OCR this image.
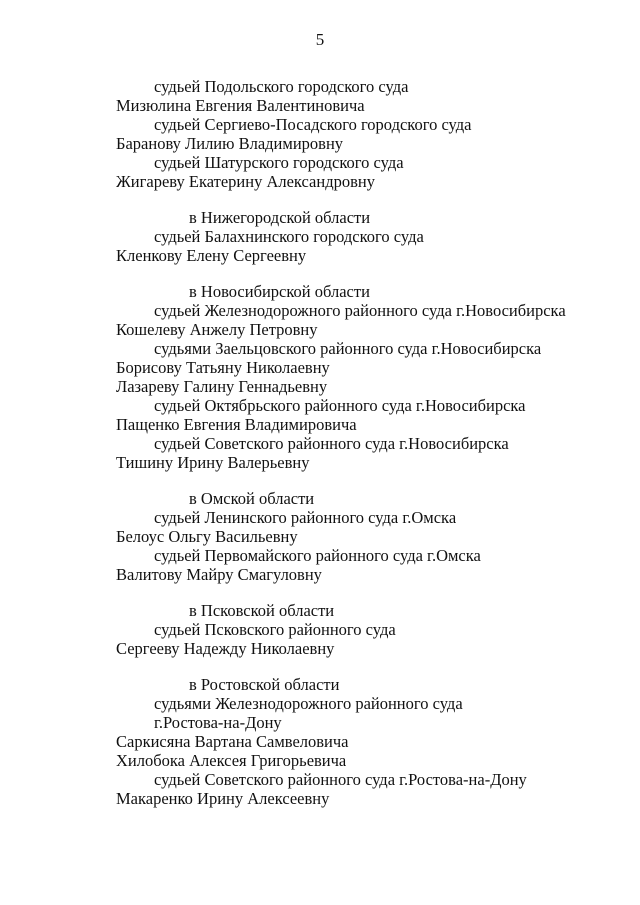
5
судьей Подольского городского суда
Мизюлина Евгения Валентиновича
судьей Сергиево-Посадского городского суда
Баранову Лилию Владимировну
судьей Шатурского городского суда
Жигареву Екатерину Александровну
в Нижегородской области
судьей Балахнинского городского суда
Кленкову Елену Сергеевну
в Новосибирской области
судьей Железнодорожного районного суда г.Новосибирска
Кошелеву Анжелу Петровну
судьями Заельцовского районного суда г.Новосибирска
Борисову Татьяну Николаевну
Лазареву Галину Геннадьевну
судьей Октябрьского районного суда г.Новосибирска
Пащенко Евгения Владимировича
судьей Советского районного суда г.Новосибирска
Тишину Ирину Валерьевну
в Омской области
судьей Ленинского районного суда г.Омска
Белоус Ольгу Васильевну
судьей Первомайского районного суда г.Омска
Валитову Майру Смагуловну
в Псковской области
судьей Псковского районного суда
Сергееву Надежду Николаевну
в Ростовской области
судьями Железнодорожного районного суда
г.Ростова-на-Дону
Саркисяна Вартана Самвеловича
Хилобока Алексея Григорьевича
судьей Советского районного суда г.Ростова-на-Дону
Макаренко Ирину Алексеевну
